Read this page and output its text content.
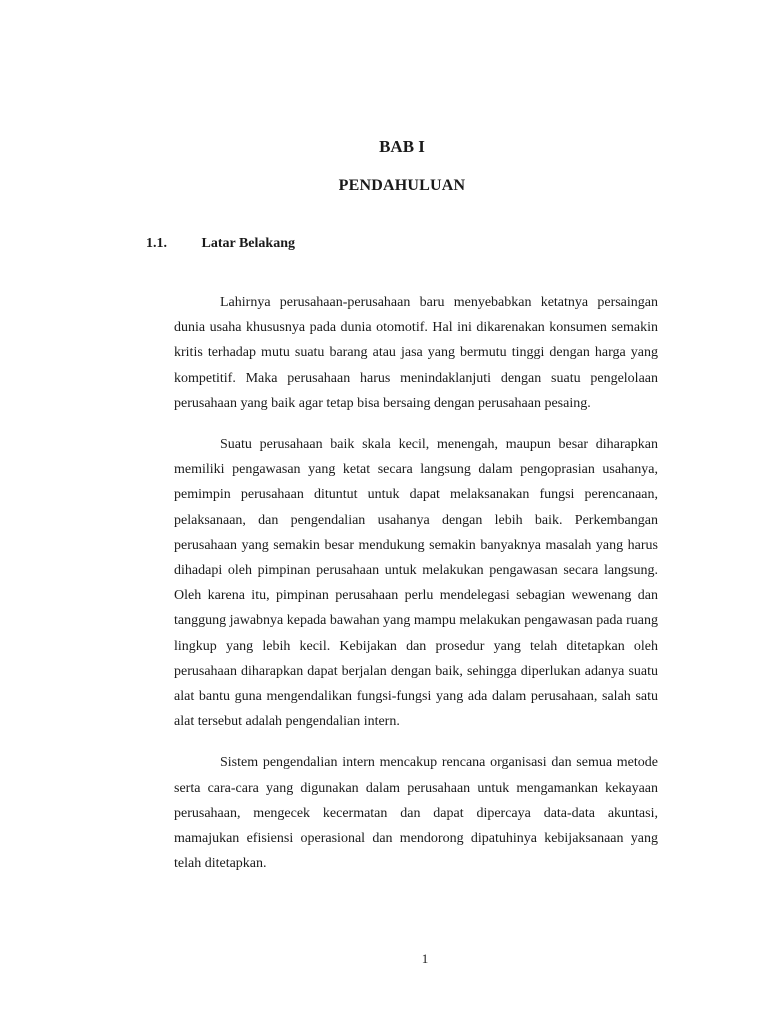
BAB I
PENDAHULUAN
1.1. Latar Belakang

Lahirnya perusahaan-perusahaan baru menyebabkan ketatnya persaingan dunia usaha khususnya pada dunia otomotif. Hal ini dikarenakan konsumen semakin kritis terhadap mutu suatu barang atau jasa yang bermutu tinggi dengan harga yang kompetitif. Maka perusahaan harus menindaklanjuti dengan suatu pengelolaan perusahaan yang baik agar tetap bisa bersaing dengan perusahaan pesaing.

Suatu perusahaan baik skala kecil, menengah, maupun besar diharapkan memiliki pengawasan yang ketat secara langsung dalam pengoprasian usahanya, pemimpin perusahaan dituntut untuk dapat melaksanakan fungsi perencanaan, pelaksanaan, dan pengendalian usahanya dengan lebih baik. Perkembangan perusahaan yang semakin besar mendukung semakin banyaknya masalah yang harus dihadapi oleh pimpinan perusahaan untuk melakukan pengawasan secara langsung. Oleh karena itu, pimpinan perusahaan perlu mendelegasi sebagian wewenang dan tanggung jawabnya kepada bawahan yang mampu melakukan pengawasan pada ruang lingkup yang lebih kecil. Kebijakan dan prosedur yang telah ditetapkan oleh perusahaan diharapkan dapat berjalan dengan baik, sehingga diperlukan adanya suatu alat bantu guna mengendalikan fungsi-fungsi yang ada dalam perusahaan, salah satu alat tersebut adalah pengendalian intern.

Sistem pengendalian intern mencakup rencana organisasi dan semua metode serta cara-cara yang digunakan dalam perusahaan untuk mengamankan kekayaan perusahaan, mengecek kecermatan dan dapat dipercaya data-data akuntasi, mamajukan efisiensi operasional dan mendorong dipatuhinya kebijaksanaan yang telah ditetapkan.

1
